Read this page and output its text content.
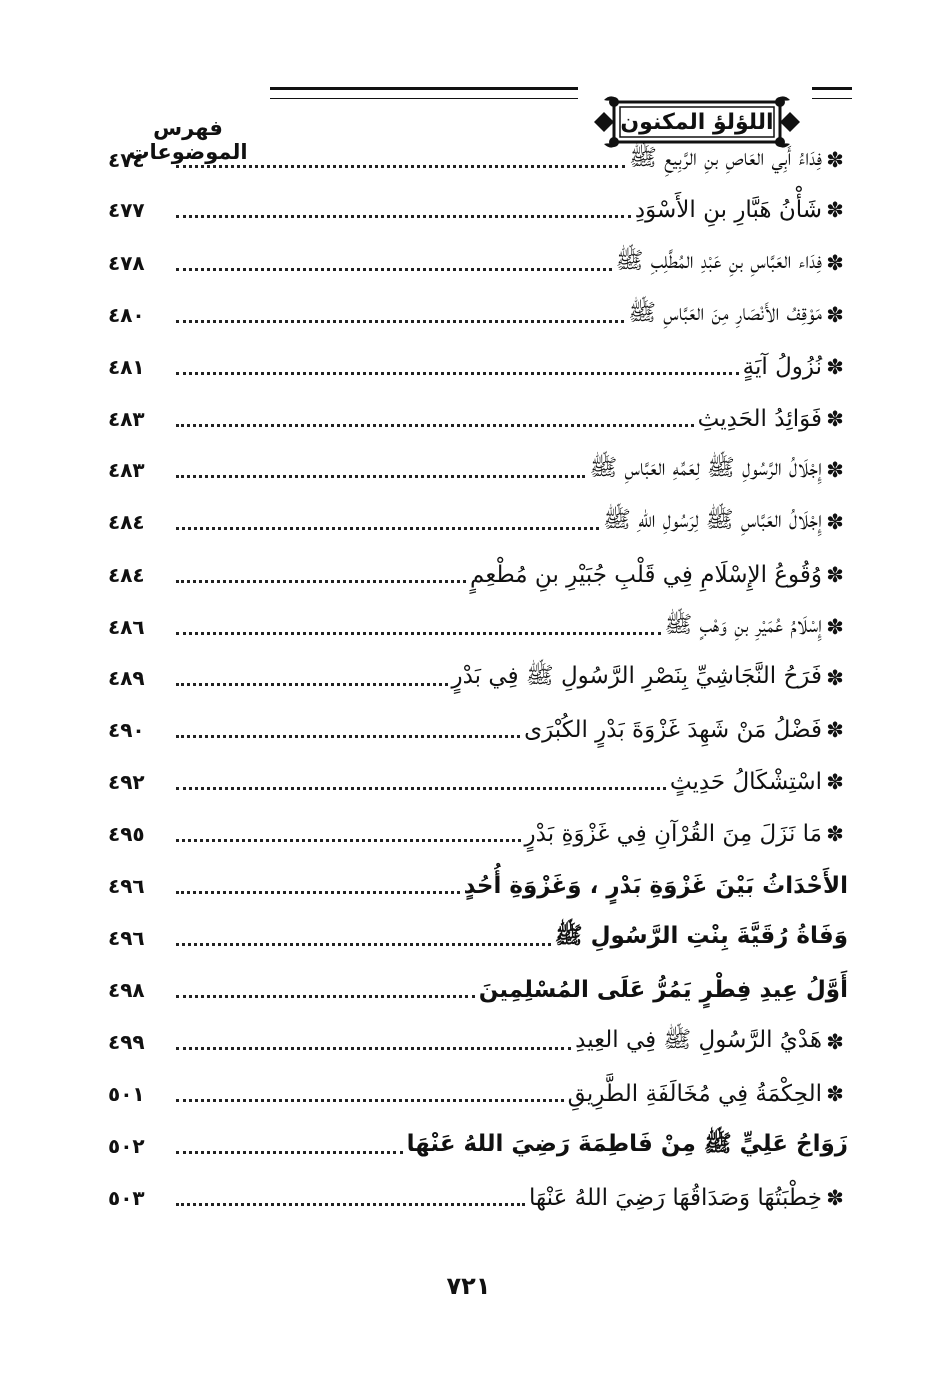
فهرس الموضوعات
اللؤلؤ المكنون
✽
فِدَاءُ أَبِي العَاصِ بنِ الرَّبِيعِ ﷺ
٤٧٤
✽
شَأْنُ هَبَّارِ بنِ الأَسْوَدِ
٤٧٧
✽
فِدَاء العَبَّاسِ بنِ عَبْدِ المُطَّلِبِ ﷺ
٤٧٨
✽
مَوْقِفُ الأَنْصَارِ مِنَ العَبَّاسِ ﷺ
٤٨٠
✽
نُزُولُ آيَةٍ
٤٨١
✽
فَوَائِدُ الحَدِيثِ
٤٨٣
✽
إِجْلَالُ الرَّسُولِ ﷺ لِعَمِّهِ العَبَّاسِ ﷺ
٤٨٣
✽
إِجْلَالُ العَبَّاسِ ﷺ لِرَسُولِ اللهِ ﷺ
٤٨٤
✽
وُقُوعُ الإِسْلَامِ فِي قَلْبِ جُبَيْرِ بنِ مُطْعِمٍ
٤٨٤
✽
إِسْلَامُ عُمَيْرِ بنِ وَهْبٍ ﷺ
٤٨٦
✽
فَرَحُ النَّجَاشِيِّ بِنَصْرِ الرَّسُولِ ﷺ فِي بَدْرٍ
٤٨٩
✽
فَضْلُ مَنْ شَهِدَ غَزْوَةَ بَدْرٍ الكُبْرَى
٤٩٠
✽
اسْتِشْكَالُ حَدِيثٍ
٤٩٢
✽
مَا نَزَلَ مِنَ القُرْآنِ فِي غَزْوَةِ بَدْرٍ
٤٩٥
الأَحْدَاثُ بَيْنَ غَزْوَةِ بَدْرٍ ، وَغَزْوَةِ أُحُدٍ
٤٩٦
وَفَاةُ رُقَيَّةَ بِنْتِ الرَّسُولِ ﷺ
٤٩٦
أَوَّلُ عِيدِ فِطْرٍ يَمُرُّ عَلَى المُسْلِمِينَ
٤٩٨
✽
هَدْيُ الرَّسُولِ ﷺ فِي العِيدِ
٤٩٩
✽
الحِكْمَةُ فِي مُخَالَفَةِ الطَّرِيقِ
٥٠١
زَوَاجُ عَلِيٍّ ﷺ مِنْ فَاطِمَةَ رَضِيَ اللهُ عَنْهَا
٥٠٢
✽
خِطْبَتُهَا وَصَدَاقُهَا رَضِيَ اللهُ عَنْهَا
٥٠٣
٧٢١
